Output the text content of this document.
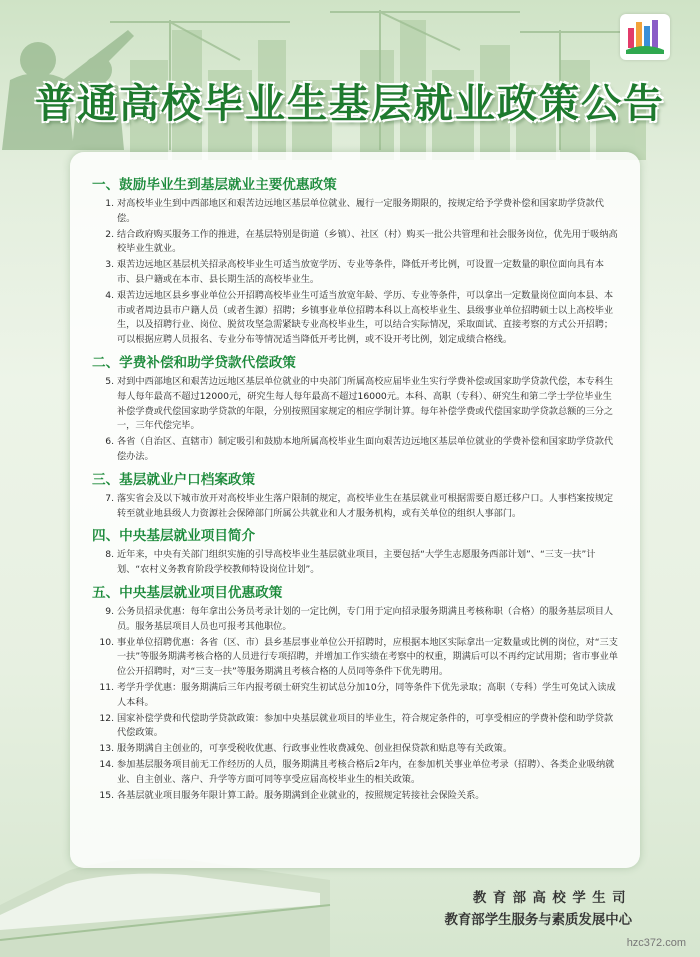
普通高校毕业生基层就业政策公告
一、鼓励毕业生到基层就业主要优惠政策
1. 对高校毕业生到中西部地区和艰苦边远地区基层单位就业、履行一定服务期限的，按规定给予学费补偿和国家助学贷款代偿。
2. 结合政府购买服务工作的推进，在基层特别是街道（乡镇）、社区（村）购买一批公共管理和社会服务岗位，优先用于吸纳高校毕业生就业。
3. 艰苦边远地区基层机关招录高校毕业生可适当放宽学历、专业等条件，降低开考比例，可设置一定数量的职位面向具有本市、县户籍或在本市、县长期生活的高校毕业生。
4. 艰苦边远地区县乡事业单位公开招聘高校毕业生可适当放宽年龄、学历、专业等条件，可以拿出一定数量岗位面向本县、本市或者周边县市户籍人员（或者生源）招聘；乡镇事业单位招聘本科以上高校毕业生、县级事业单位招聘硕士以上高校毕业生，以及招聘行业、岗位、脱贫攻坚急需紧缺专业高校毕业生，可以结合实际情况，采取面试、直接考察的方式公开招聘；可以根据应聘人员报名、专业分布等情况适当降低开考比例，或不设开考比例，划定成绩合格线。
二、学费补偿和助学贷款代偿政策
5. 对到中西部地区和艰苦边远地区基层单位就业的中央部门所属高校应届毕业生实行学费补偿或国家助学贷款代偿，本专科生每人每年最高不超过12000元，研究生每人每年最高不超过16000元。本科、高职（专科）、研究生和第二学士学位毕业生补偿学费或代偿国家助学贷款的年限，分别按照国家规定的相应学制计算。每年补偿学费或代偿国家助学贷款总额的三分之一，三年代偿完毕。
6. 各省（自治区、直辖市）制定吸引和鼓励本地所属高校毕业生面向艰苦边远地区基层单位就业的学费补偿和国家助学贷款代偿办法。
三、基层就业户口档案政策
7. 落实省会及以下城市放开对高校毕业生落户限制的规定，高校毕业生在基层就业可根据需要自愿迁移户口。人事档案按规定转至就业地县级人力资源社会保障部门所属公共就业和人才服务机构，或有关单位的组织人事部门。
四、中央基层就业项目简介
8. 近年来，中央有关部门组织实施的引导高校毕业生基层就业项目，主要包括“大学生志愿服务西部计划”、“三支一扶”计划、“农村义务教育阶段学校教师特设岗位计划”。
五、中央基层就业项目优惠政策
9. 公务员招录优惠：每年拿出公务员考录计划的一定比例，专门用于定向招录服务期满且考核称职（合格）的服务基层项目人员。服务基层项目人员也可报考其他职位。
10. 事业单位招聘优惠：各省（区、市）县乡基层事业单位公开招聘时，应根据本地区实际拿出一定数量或比例的岗位，对“三支一扶”等服务期满考核合格的人员进行专项招聘，并增加工作实绩在考察中的权重，期满后可以不再约定试用期；省市事业单位公开招聘时，对“三支一扶”等服务期满且考核合格的人员同等条件下优先聘用。
11. 考学升学优惠：服务期满后三年内报考硕士研究生初试总分加10分，同等条件下优先录取；高职（专科）学生可免试入读成人本科。
12. 国家补偿学费和代偿助学贷款政策：参加中央基层就业项目的毕业生，符合规定条件的，可享受相应的学费补偿和助学贷款代偿政策。
13. 服务期满自主创业的，可享受税收优惠、行政事业性收费减免、创业担保贷款和贴息等有关政策。
14. 参加基层服务项目前无工作经历的人员，服务期满且考核合格后2年内，在参加机关事业单位考录（招聘）、各类企业吸纳就业、自主创业、落户、升学等方面可同等享受应届高校毕业生的相关政策。
15. 各基层就业项目服务年限计算工龄。服务期满到企业就业的，按照规定转接社会保险关系。
教育部高校学生司
教育部学生服务与素质发展中心
hzc372.com
